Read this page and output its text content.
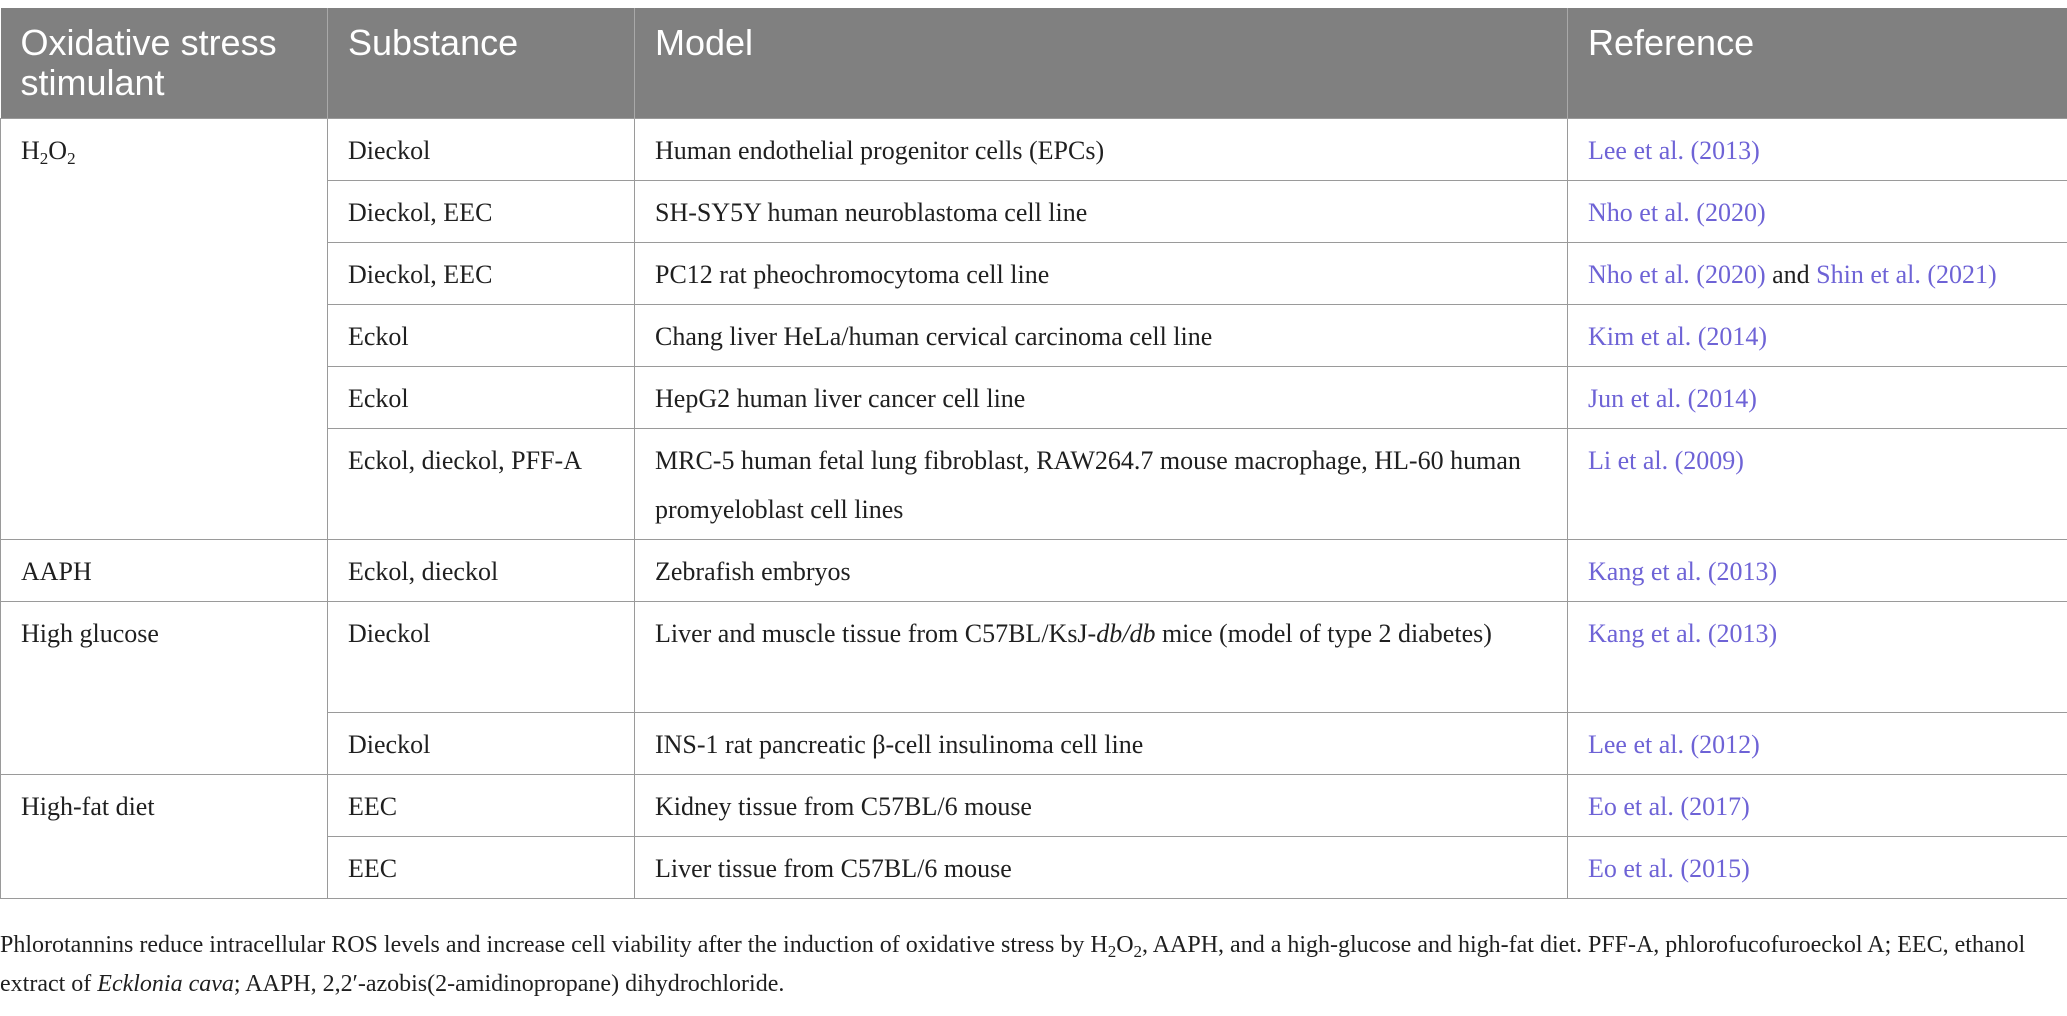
Oxidative stress stimulant	Substance	Model	Reference
$H_2O_2$	Dieckol	Human endothelial progenitor cells (EPCs)	Lee et al. (2013)
	Dieckol, EEC	SH-SY5Y human neuroblastoma cell line	Nho et al. (2020)
	Dieckol, EEC	PC12 rat pheochromocytoma cell line	Nho et al. (2020) and Shin et al. (2021)
	Eckol	Chang liver HeLa/human cervical carcinoma cell line	Kim et al. (2014)
	Eckol	HepG2 human liver cancer cell line	Jun et al. (2014)
	Eckol, dieckol, PFF-A	MRC-5 human fetal lung fibroblast, RAW264.7 mouse macrophage, HL-60 human promyeloblast cell lines	Li et al. (2009)
AAPH	Eckol, dieckol	Zebrafish embryos	Kang et al. (2013)
High glucose	Dieckol	Liver and muscle tissue from C57BL/KsJ-db/db mice (model of type 2 diabetes)	Kang et al. (2013)
	Dieckol	INS-1 rat pancreatic β-cell insulinoma cell line	Lee et al. (2012)
High-fat diet	EEC	Kidney tissue from C57BL/6 mouse	Eo et al. (2017)
	EEC	Liver tissue from C57BL/6 mouse	Eo et al. (2015)
Phlorotannins reduce intracellular ROS levels and increase cell viability after the induction of oxidative stress by $H_2O_2$, AAPH, and a high-glucose and high-fat diet. PFF-A, phlorofucofuroeckol A; EEC, ethanol extract of Ecklonia cava; AAPH, 2,2′-azobis(2-amidinopropane) dihydrochloride.
